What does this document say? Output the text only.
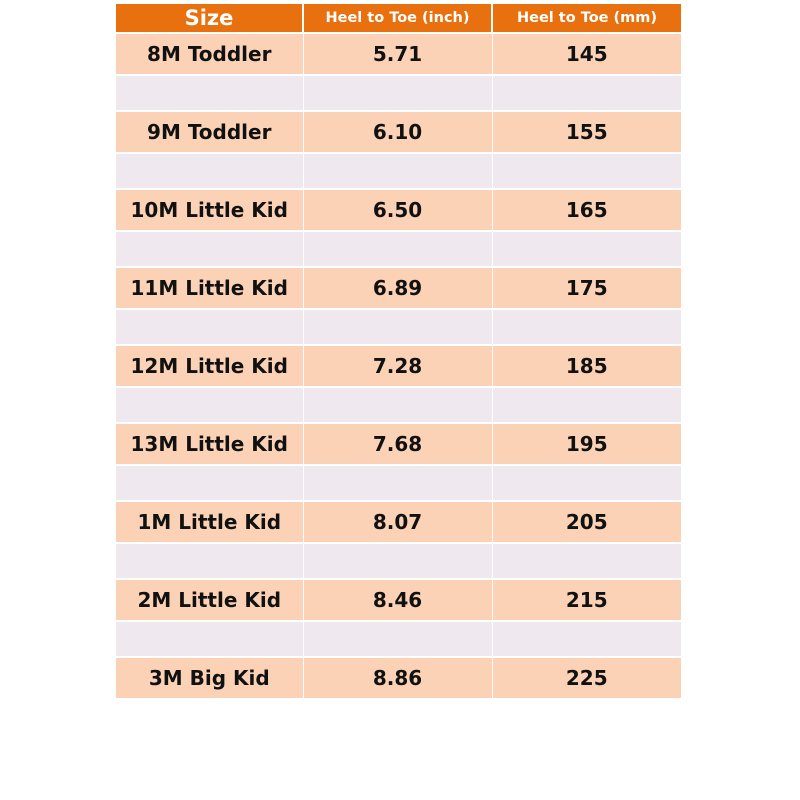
Size	Heel to Toe (inch)	Heel to Toe (mm)
8M Toddler	5.71	145

9M Toddler	6.10	155

10M Little Kid	6.50	165

11M Little Kid	6.89	175

12M Little Kid	7.28	185

13M Little Kid	7.68	195

1M Little Kid	8.07	205

2M Little Kid	8.46	215

3M Big Kid	8.86	225
